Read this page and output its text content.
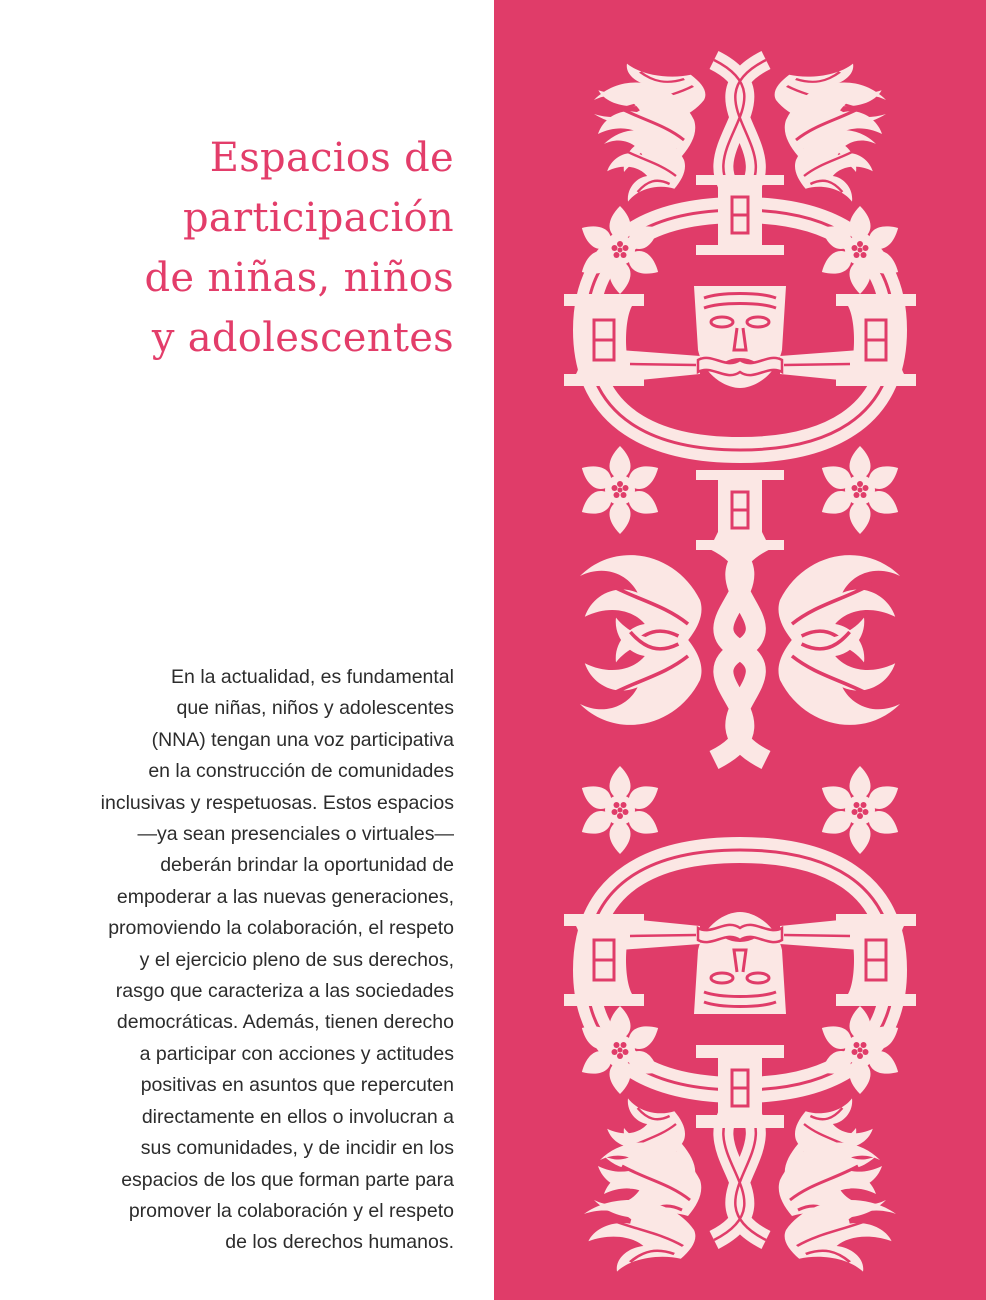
Espacios de
participación
de niñas, niños
y adolescentes

En la actualidad, es fundamental
que niñas, niños y adolescentes
(NNA) tengan una voz participativa
en la construcción de comunidades
inclusivas y respetuosas. Estos espacios
—ya sean presenciales o virtuales—
deberán brindar la oportunidad de
empoderar a las nuevas generaciones,
promoviendo la colaboración, el respeto
y el ejercicio pleno de sus derechos,
rasgo que caracteriza a las sociedades
democráticas. Además, tienen derecho
a participar con acciones y actitudes
positivas en asuntos que repercuten
directamente en ellos o involucran a
sus comunidades, y de incidir en los
espacios de los que forman parte para
promover la colaboración y el respeto
de los derechos humanos.
